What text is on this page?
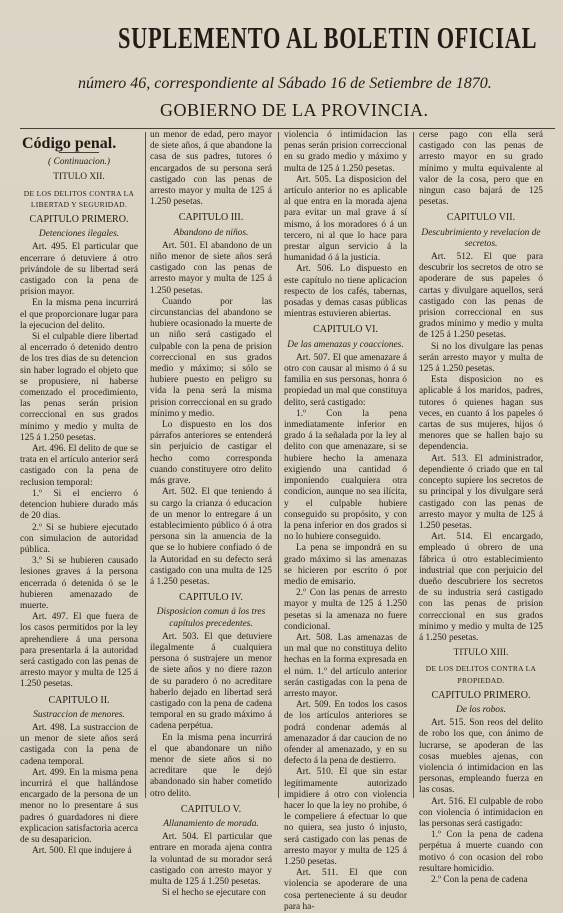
SUPLEMENTO AL BOLETIN OFICIAL
número 46, correspondiente al Sábado 16 de Setiembre de 1870.
GOBIERNO DE LA PROVINCIA.

Código penal.

( Continuacion.)

TITULO XII.

DE LOS DELITOS CONTRA LA LIBERTAD Y SEGURIDAD.

CAPITULO PRIMERO.

Detenciones ilegales.

Art. 495. El particular que encerrare ó detuviere á otro privándole de su libertad será castigado con la pena de prision mayor.

En la misma pena incurrirá el que proporcionare lugar para la ejecucion del delito.

Si el culpable diere libertad al encerrado ó detenido dentro de los tres dias de su detencion sin haber logrado el objeto que se propusiere, ni haberse comenzado el procedimiento, las penas serán prision correccional en sus grados mínimo y medio y multa de 125 á 1.250 pesetas.

Art. 496. El delito de que se trata en el artículo anterior será castigado con la pena de reclusion temporal:

1.º Si el encierro ó detencion hubiere durado más de 20 dias.

2.º Si se hubiere ejecutado con simulacion de autoridad pública.

3.º Si se hubieren causado lesiones graves á la persona encerrada ó detenida ó se le hubieren amenazado de muerte.

Art. 497. El que fuera de los casos permitidos por la ley aprehendiere á una persona para presentarla á la autoridad será castigado con las penas de arresto mayor y multa de 125 á 1.250 pesetas.

CAPITULO II.

Sustraccion de menores.

Art. 498. La sustraccion de un menor de siete años será castigada con la pena de cadena temporal.

Art. 499. En la misma pena incurrirá el que hallándose encargado de la persona de un menor no lo presentare á sus padres ó guardadores ni diere explicacion satisfactoria acerca de su desaparicion.

Art. 500. El que indujere á

un menor de edad, pero mayor de siete años, á que abandone la casa de sus padres, tutores ó encargados de su persona será castigado con las penas de arresto mayor y multa de 125 á 1.250 pesetas.

CAPITULO III.

Abandono de niños.

Art. 501. El abandono de un niño menor de siete años será castigado con las penas de arresto mayor y multa de 125 á 1.250 pesetas.

Cuando por las circunstancias del abandono se hubiere ocasionado la muerte de un niño será castigado el culpable con la pena de prision correccional en sus grados medio y máximo; si sólo se hubiere puesto en peligro su vida la pena será la misma prision correccional en su grado mínimo y medio.

Lo dispuesto en los dos párrafos anteriores se entenderá sin perjuicio de castigar el hecho como corresponda cuando constituyere otro delito más grave.

Art. 502. El que teniendo á su cargo la crianza ó educacion de un menor lo entregare á un establecimiento público ó á otra persona sin la anuencia de la que se lo hubiere confiado ó de la Autoridad en su defecto será castigado con una multa de 125 á 1.250 pesetas.

CAPITULO IV.

Disposicion comun á los tres capítulos precedentes.

Art. 503. El que detuviere ilegalmente á cualquiera persona ó sustrajere un menor de siete años y no diere razon de su paradero ó no acreditare haberlo dejado en libertad será castigado con la pena de cadena temporal en su grado máximo á cadena perpétua.

En la misma pena incurrirá el que abandonare un niño menor de siete años si no acreditare que le dejó abandonado sin haber cometido otro delito.

CAPITULO V.

Allanamiento de morada.

Art. 504. El particular que entrare en morada ajena contra la voluntad de su morador será castigado con arresto mayor y multa de 125 á 1.250 pesetas.

Si el hecho se ejecutare con

violencia ó intimidacion las penas serán prision correccional en su grado medio y máximo y multa de 125 á 1.250 pesetas.

Art. 505. La disposicion del artículo anterior no es aplicable al que entra en la morada ajena para evitar un mal grave á sí mismo, á los moradores ó á un tercero, ni al que lo hace para prestar algun servicio á la humanidad ó á la justicia.

Art. 506. Lo dispuesto en este capítulo no tiene aplicacion respecto de los cafés, tabernas, posadas y demas casas públicas mientras estuvieren abiertas.

CAPITULO VI.

De las amenazas y coacciones.

Art. 507. El que amenazare á otro con causar al mismo ó á su familia en sus personas, honra ó propiedad un mal que constituya delito, será castigado:

1.º Con la pena inmediatamente inferior en grado á la señalada por la ley al delito con que amenazare, si se hubiere hecho la amenaza exigiendo una cantidad ó imponiendo cualquiera otra condicion, aunque no sea ilícita, y el culpable hubiere conseguido su propósito, y con la pena inferior en dos grados si no lo hubiere conseguido.

La pena se impondrá en su grado máximo si las amenazas se hicieren por escrito ó por medio de emisario.

2.º Con las penas de arresto mayor y multa de 125 á 1.250 pesetas si la amenaza no fuere condicional.

Art. 508. Las amenazas de un mal que no constituya delito hechas en la forma expresada en el núm. 1.º del artículo anterior serán castigadas con la pena de arresto mayor.

Art. 509. En todos los casos de los artículos anteriores se podrá condenar además al amenazador á dar caucion de no ofender al amenazado, y en su defecto á la pena de destierro.

Art. 510. El que sin estar legítimamente autorizado impidiere á otro con violencia hacer lo que la ley no prohibe, ó le compeliere á efectuar lo que no quiera, sea justo ó injusto, será castigado con las penas de arresto mayor y multa de 125 á 1.250 pesetas.

Art. 511. El que con violencia se apoderare de una cosa perteneciente á su deudor para ha-

cerse pago con ella será castigado con las penas de arresto mayor en su grado mínimo y multa equivalente al valor de la cosa, pero que en ningun caso bajará de 125 pesetas.

CAPITULO VII.

Descubrimiento y revelacion de secretos.

Art. 512. El que para descubrir los secretos de otro se apoderare de sus papeles ó cartas y divulgare aquellos, será castigado con las penas de prision correccional en sus grados mínimo y medio y multa de 125 á 1.250 pesetas.

Si no los divulgare las penas serán arresto mayor y multa de 125 á 1.250 pesetas.

Esta disposicion no es aplicable á los maridos, padres, tutores ó quienes hagan sus veces, en cuanto á los papeles ó cartas de sus mujeres, hijos ó menores que se hallen bajo su dependencia.

Art. 513. El administrador, dependiente ó criado que en tal concepto supiere los secretos de su principal y los divulgare será castigado con las penas de arresto mayor y multa de 125 á 1.250 pesetas.

Art. 514. El encargado, empleado ú obrero de una fábrica ú otro establecimiento industrial que con perjuicio del dueño descubriere los secretos de su industria será castigado con las penas de prision correccional en sus grados mínimo y medio y multa de 125 á 1.250 pesetas.

TITULO XIII.

DE LOS DELITOS CONTRA LA PROPIEDAD.

CAPITULO PRIMERO.

De los robos.

Art. 515. Son reos del delito de robo los que, con ánimo de lucrarse, se apoderan de las cosas muebles ajenas, con violencia ó intimidacion en las personas, empleando fuerza en las cosas.

Art. 516. El culpable de robo con violencia ó intimidacion en las personas será castigado:

1.º Con la pena de cadena perpétua á muerte cuando con motivo ó con ocasion del robo resultare homicidio.

2.º Con la pena de cadena
